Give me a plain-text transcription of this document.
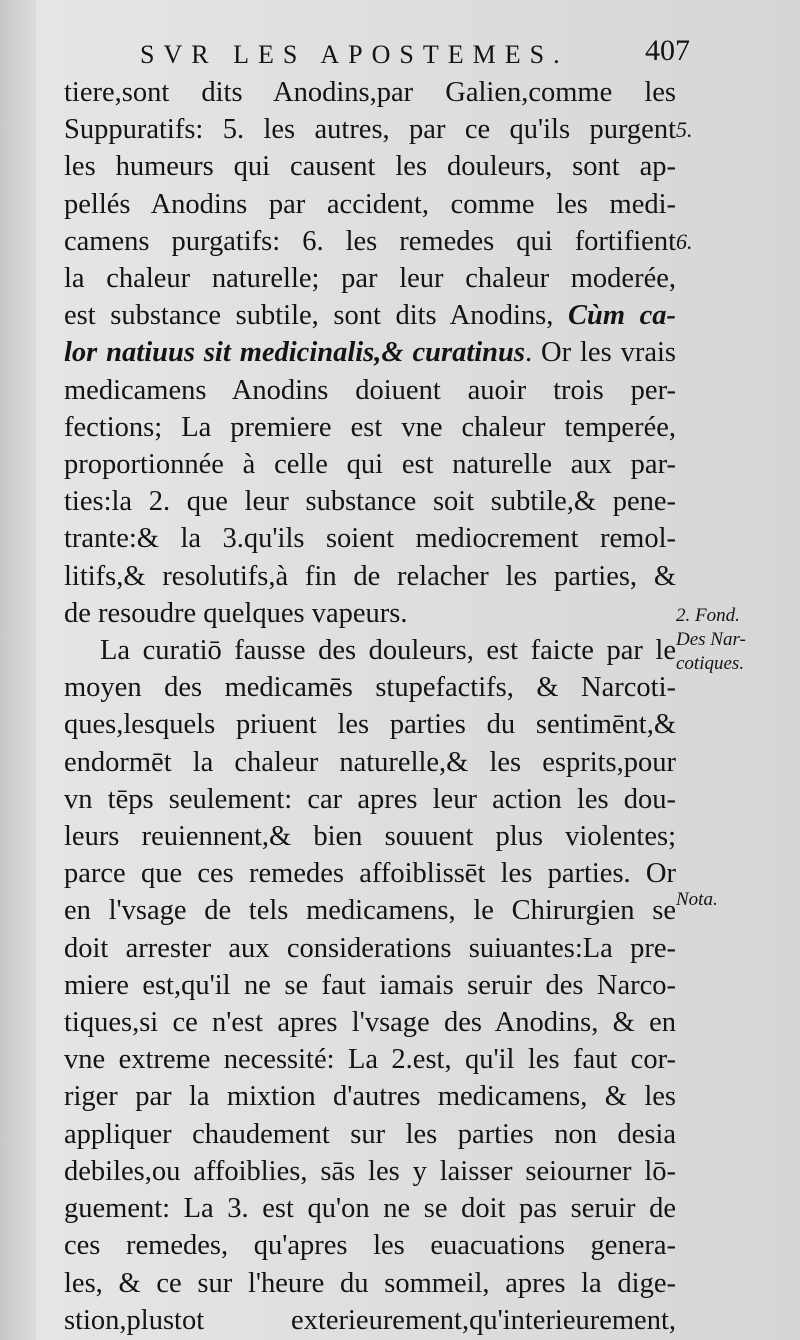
SVR LES APOSTEMES.	407
tiere,sont dits Anodins,par Galien,comme les
Suppuratifs: 5. les autres, par ce qu'ils purgent
les humeurs qui causent les douleurs, sont ap-
pellés Anodins par accident, comme les medi-
camens purgatifs: 6. les remedes qui fortifient
la chaleur naturelle; par leur chaleur moderée,
est substance subtile, sont dits Anodins, Cùm ca-
lor natiuus sit medicinalis,& curatinus. Or les vrais
medicamens Anodins doiuent auoir trois per-
fections; La premiere est vne chaleur temperée,
proportionnée à celle qui est naturelle aux par-
ties:la 2. que leur substance soit subtile,& pene-
trante:& la 3.qu'ils soient mediocrement remol-
litifs,& resolutifs,à fin de relacher les parties, &
de resoudre quelques vapeurs.
La curatiō fausse des douleurs, est faicte par le
moyen des medicamēs stupefactifs, & Narcoti-
ques,lesquels priuent les parties du sentimēnt,&
endormēt la chaleur naturelle,& les esprits,pour
vn tēps seulement: car apres leur action les dou-
leurs reuiennent,& bien souuent plus violentes;
parce que ces remedes affoiblissēt les parties. Or
en l'vsage de tels medicamens, le Chirurgien se
doit arrester aux considerations suiuantes:La pre-
miere est,qu'il ne se faut iamais seruir des Narco-
tiques,si ce n'est apres l'vsage des Anodins, & en
vne extreme necessité: La 2.est, qu'il les faut cor-
riger par la mixtion d'autres medicamens, & les
appliquer chaudement sur les parties non desia
debiles,ou affoiblies, sās les y laisser seiourner lō-
guement: La 3. est qu'on ne se doit pas seruir de
ces remedes, qu'apres les euacuations genera-
les, & ce sur l'heure du sommeil, apres la dige-
stion,plustot exterieurement,qu'interieurement,
5.
6.
2. Fond.
Des Nar-
cotiques.
Nota.
